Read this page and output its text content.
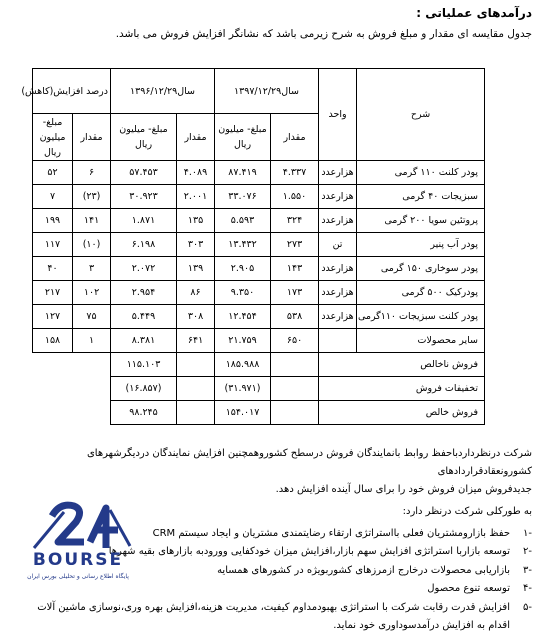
درآمدهای عملیاتی :
جدول مقایسه ای مقدار و مبلغ فروش به شرح زیرمی باشد که نشانگر افزایش فروش می باشد.
شرح	واحد	سال۱۳۹۷/۱۲/۲۹		سال۱۳۹۶/۱۲/۲۹		درصد افزایش(کاهش)	
		مقدار	مبلغ- میلیون ریال	مقدار	مبلغ- میلیون ریال	مقدار	مبلغ- میلیون ریال
پودر کلنت ۱۱۰ گرمی	هزارعدد	۴.۳۳۷	۸۷.۴۱۹	۴.۰۸۹	۵۷.۴۵۳	۶	۵۲
سبزیجات ۴۰ گرمی	هزارعدد	۱.۵۵۰	۳۳.۰۷۶	۲.۰۰۱	۳۰.۹۲۳	(۲۳)	۷
پروتئین سویا ۲۰۰ گرمی	هزارعدد	۳۲۴	۵.۵۹۳	۱۳۵	۱.۸۷۱	۱۴۱	۱۹۹
پودر آب پنیر	تن	۲۷۳	۱۳.۴۳۲	۳۰۳	۶.۱۹۸	(۱۰)	۱۱۷
پودر سوخاری ۱۵۰ گرمی	هزارعدد	۱۴۳	۲.۹۰۵	۱۳۹	۲.۰۷۲	۳	۴۰
پودرکیک ۵۰۰ گرمی	هزارعدد	۱۷۳	۹.۳۵۰	۸۶	۲.۹۵۴	۱۰۲	۲۱۷
پودر کلنت سبزیجات ۱۱۰گرمی	هزارعدد	۵۳۸	۱۲.۴۵۴	۳۰۸	۵.۴۴۹	۷۵	۱۲۷
سایر محصولات		۶۵۰	۲۱.۷۵۹	۶۴۱	۸.۳۸۱	۱	۱۵۸
فروش ناخالص			۱۸۵.۹۸۸		۱۱۵.۱۰۳		
تخفیفات فروش			(۳۱.۹۷۱)		(۱۶.۸۵۷)		
فروش خالص			۱۵۴.۰۱۷		۹۸.۲۴۵		

شرکت درنظرداردباحفظ روابط بانمایندگان فروش درسطح کشوروهمچنین افزایش نمایندگان دردیگرشهرهای کشورونعقادقراردادهای

جدیدفروش میزان فروش خود را برای سال آینده افزایش دهد.

به طورکلی شرکت درنظر دارد:

-۱حفظ بازارومشتریان فعلی بااستراتژی ارتقاء رضایتمندی مشتریان و ایجاد سیستم CRM
-۲توسعه بازاربا استراتژی افزایش سهم بازار،افزایش میزان خودکفایی وورودبه بازارهای بقیه شهرها
-۳بازاریابی محصولات درخارج ازمرزهای کشوربویژه در کشورهای همسایه
-۴توسعه تنوع محصول
-۵افزایش قدرت رقابت شرکت با استراتژی بهبودمداوم کیفیت، مدیریت هزینه،افزایش بهره وری،نوسازی ماشین آلات
اقدام به افزایش درآمدسوداوری خود نماید.
BOURSE
پایگاه اطلاع رسانی و تحلیلی بورس ایران
